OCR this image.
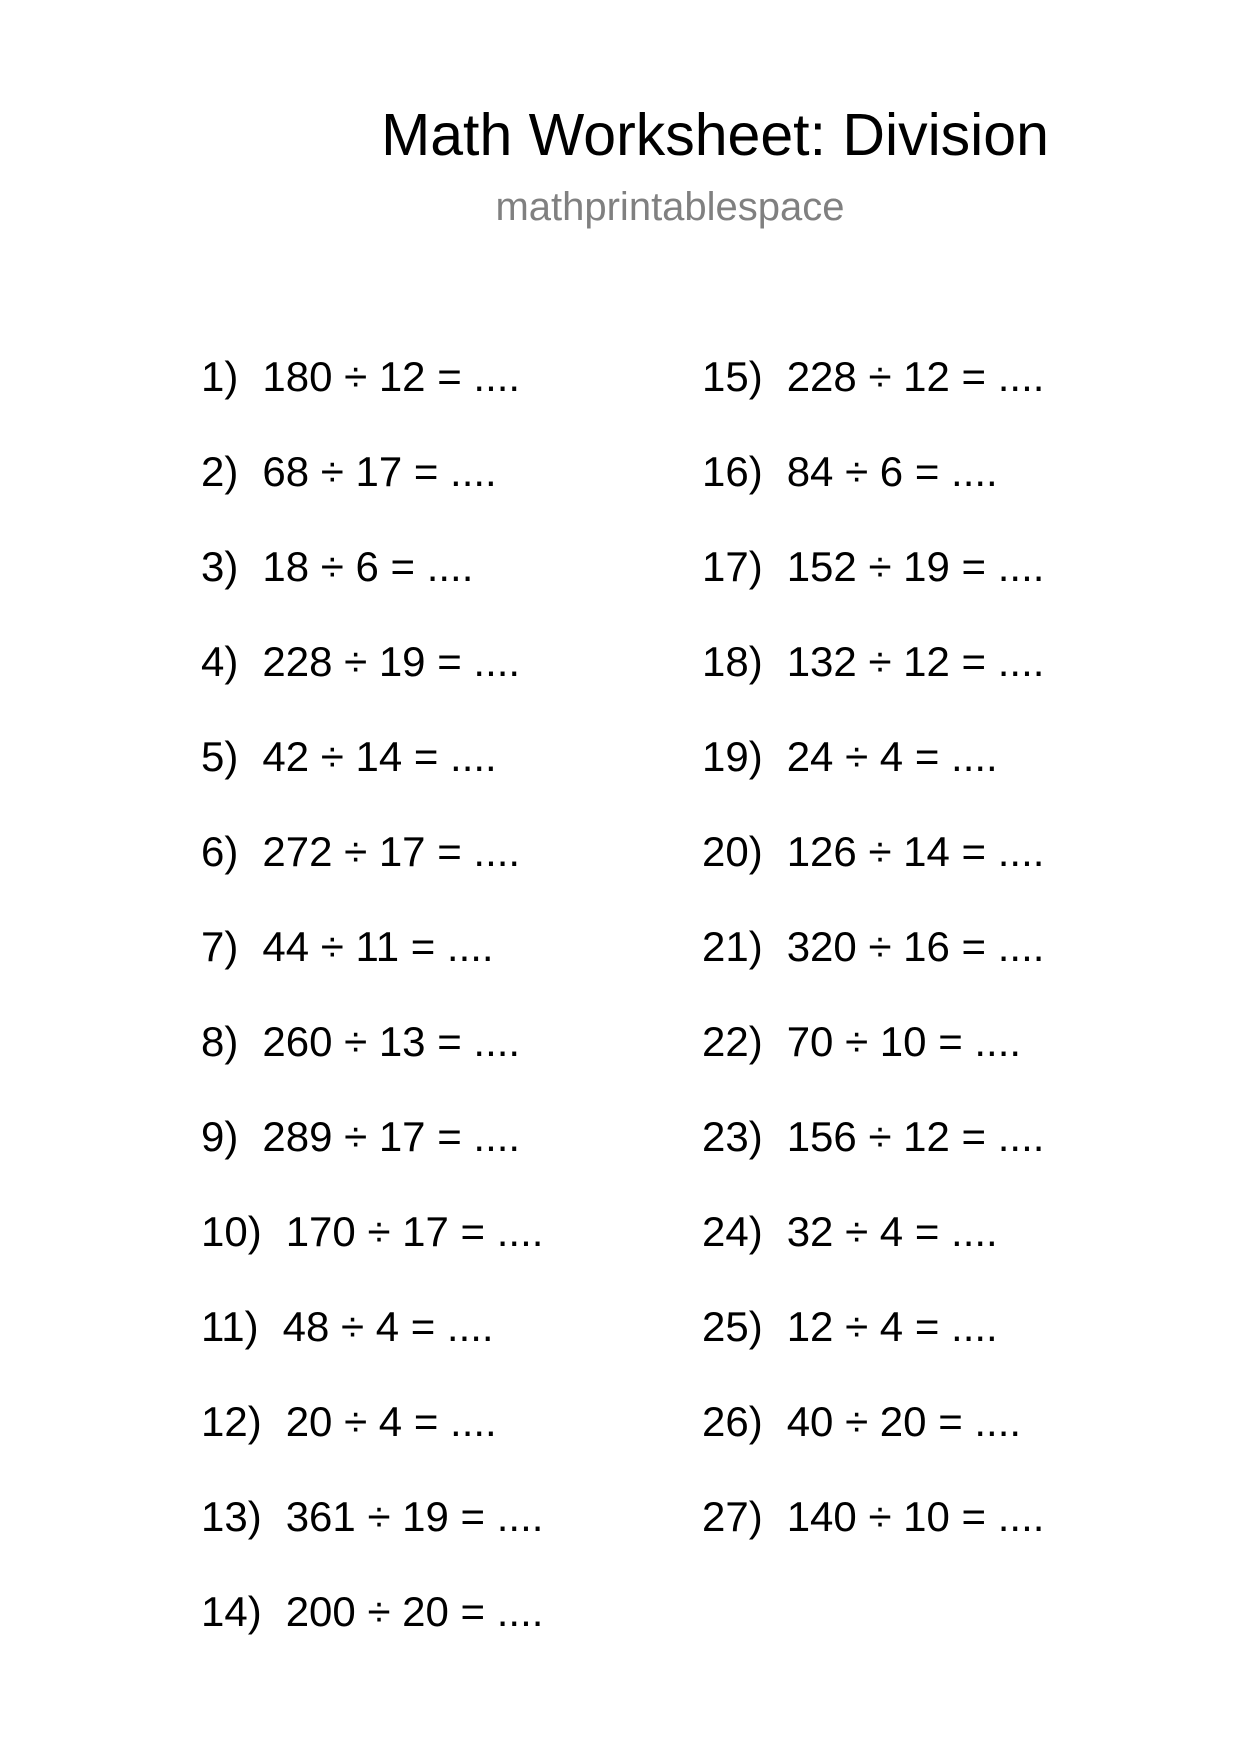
Math Worksheet: Division
mathprintablespace
1) 180 ÷ 12 = ....
2) 68 ÷ 17 = ....
3) 18 ÷ 6 = ....
4) 228 ÷ 19 = ....
5) 42 ÷ 14 = ....
6) 272 ÷ 17 = ....
7) 44 ÷ 11 = ....
8) 260 ÷ 13 = ....
9) 289 ÷ 17 = ....
10) 170 ÷ 17 = ....
11) 48 ÷ 4 = ....
12) 20 ÷ 4 = ....
13) 361 ÷ 19 = ....
14) 200 ÷ 20 = ....
15) 228 ÷ 12 = ....
16) 84 ÷ 6 = ....
17) 152 ÷ 19 = ....
18) 132 ÷ 12 = ....
19) 24 ÷ 4 = ....
20) 126 ÷ 14 = ....
21) 320 ÷ 16 = ....
22) 70 ÷ 10 = ....
23) 156 ÷ 12 = ....
24) 32 ÷ 4 = ....
25) 12 ÷ 4 = ....
26) 40 ÷ 20 = ....
27) 140 ÷ 10 = ....
